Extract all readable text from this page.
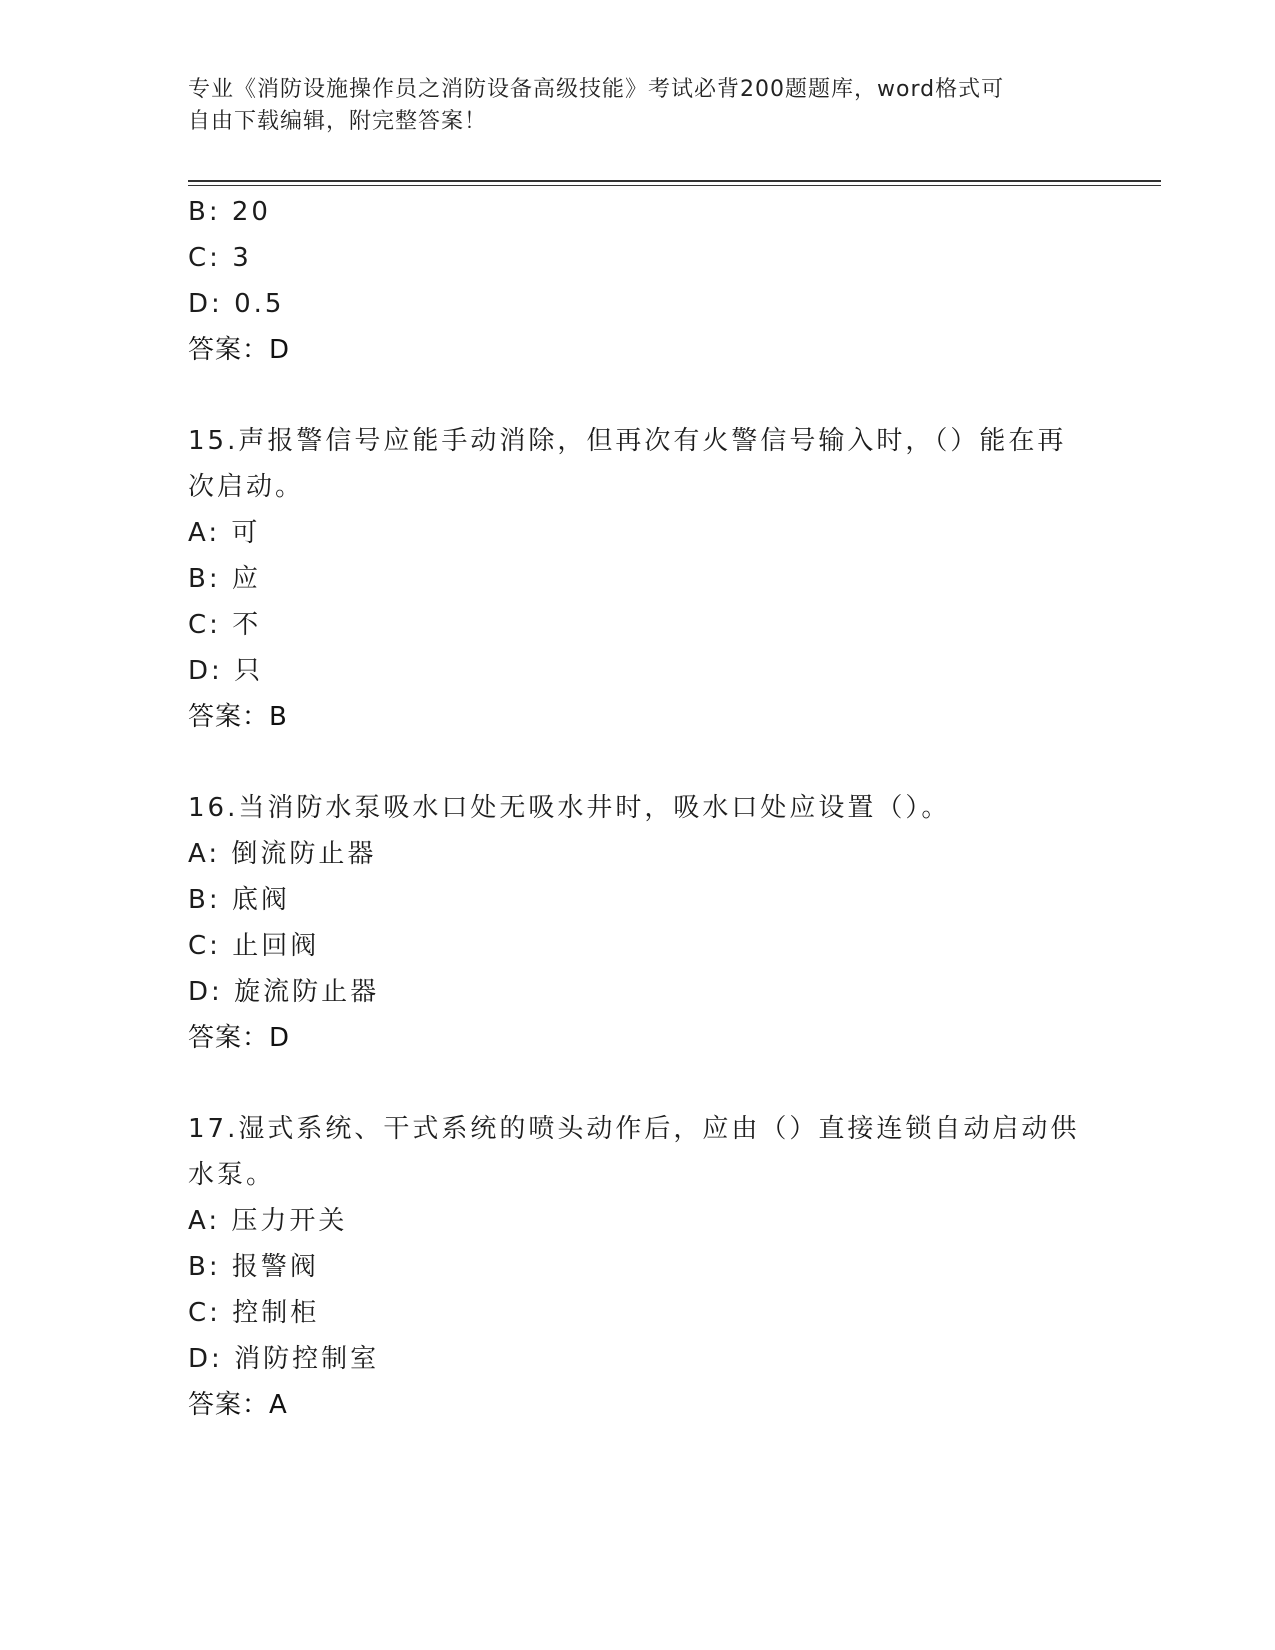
专业《消防设施操作员之消防设备高级技能》考试必背200题题库，word格式可
自由下载编辑，附完整答案！
B: 20
C: 3
D: 0.5
答案：D
15.声报警信号应能手动消除，但再次有火警信号输入时，（）能在再次启动。
A: 可
B: 应
C: 不
D: 只
答案：B
16.当消防水泵吸水口处无吸水井时，吸水口处应设置（）。
A: 倒流防止器
B: 底阀
C: 止回阀
D: 旋流防止器
答案：D
17.湿式系统、干式系统的喷头动作后，应由（）直接连锁自动启动供水泵。
A: 压力开关
B: 报警阀
C: 控制柜
D: 消防控制室
答案：A
